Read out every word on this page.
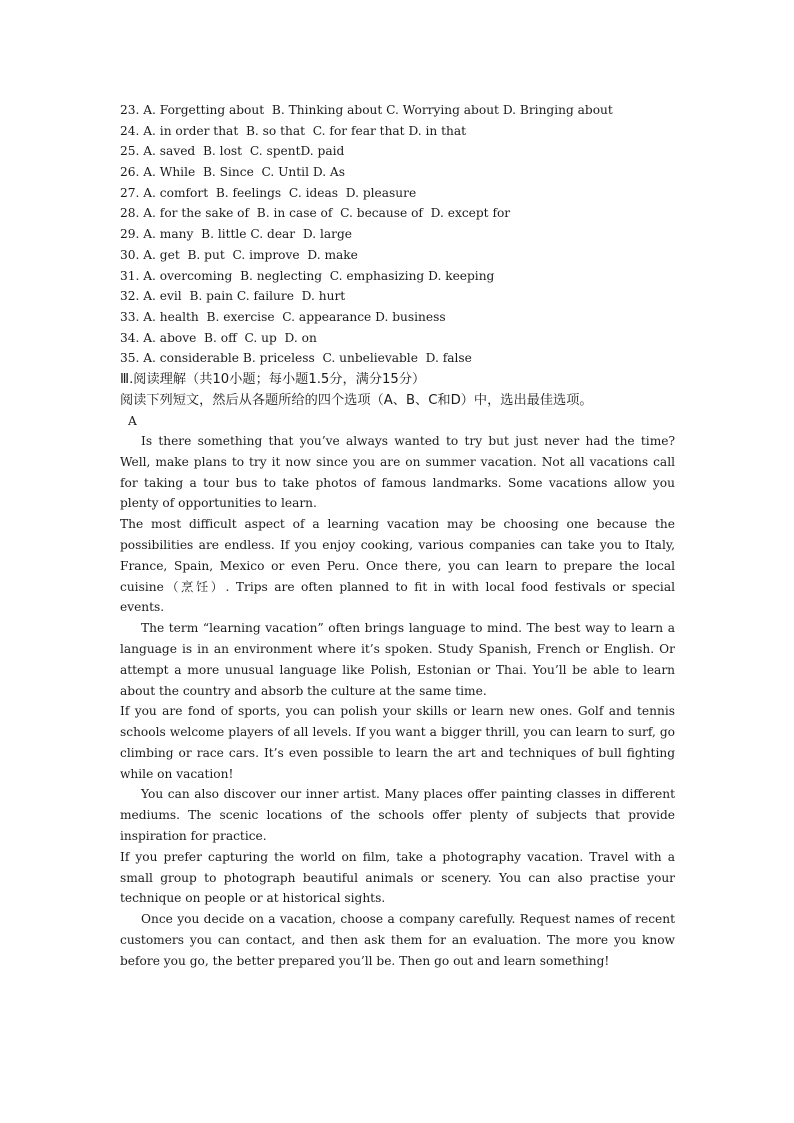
23. A. Forgetting about  B. Thinking about C. Worrying about D. Bringing about
24. A. in order that  B. so that  C. for fear that D. in that
25. A. saved  B. lost  C. spentD. paid
26. A. While  B. Since  C. Until D. As
27. A. comfort  B. feelings  C. ideas  D. pleasure
28. A. for the sake of  B. in case of  C. because of  D. except for
29. A. many  B. little C. dear  D. large
30. A. get  B. put  C. improve  D. make
31. A. overcoming  B. neglecting  C. emphasizing D. keeping
32. A. evil  B. pain C. failure  D. hurt
33. A. health  B. exercise  C. appearance D. business
34. A. above  B. off  C. up  D. on
35. A. considerable B. priceless  C. unbelievable  D. false
Ⅲ.阅读理解（共10小题；每小题1.5分，满分15分）
阅读下列短文，然后从各题所给的四个选项（A、B、C和D）中，选出最佳选项。
A

Is there something that you’ve always wanted to try but just never had the time? Well, make plans to try it now since you are on summer vacation. Not all vacations call for taking a tour bus to take photos of famous landmarks. Some vacations allow you plenty of opportunities to learn.

The most difficult aspect of a learning vacation may be choosing one because the possibilities are endless. If you enjoy cooking, various companies can take you to Italy, France, Spain, Mexico or even Peru. Once there, you can learn to prepare the local cuisine（烹饪）. Trips are often planned to fit in with local food festivals or special events.

The term “learning vacation” often brings language to mind. The best way to learn a language is in an environment where it’s spoken. Study Spanish, French or English. Or attempt a more unusual language like Polish, Estonian or Thai. You’ll be able to learn about the country and absorb the culture at the same time.

If you are fond of sports, you can polish your skills or learn new ones. Golf and tennis schools welcome players of all levels. If you want a bigger thrill, you can learn to surf, go climbing or race cars. It’s even possible to learn the art and techniques of bull fighting while on vacation!

You can also discover our inner artist. Many places offer painting classes in different mediums. The scenic locations of the schools offer plenty of subjects that provide inspiration for practice.

If you prefer capturing the world on film, take a photography vacation. Travel with a small group to photograph beautiful animals or scenery. You can also practise your technique on people or at historical sights.

Once you decide on a vacation, choose a company carefully. Request names of recent customers you can contact, and then ask them for an evaluation. The more you know before you go, the better prepared you’ll be. Then go out and learn something!
